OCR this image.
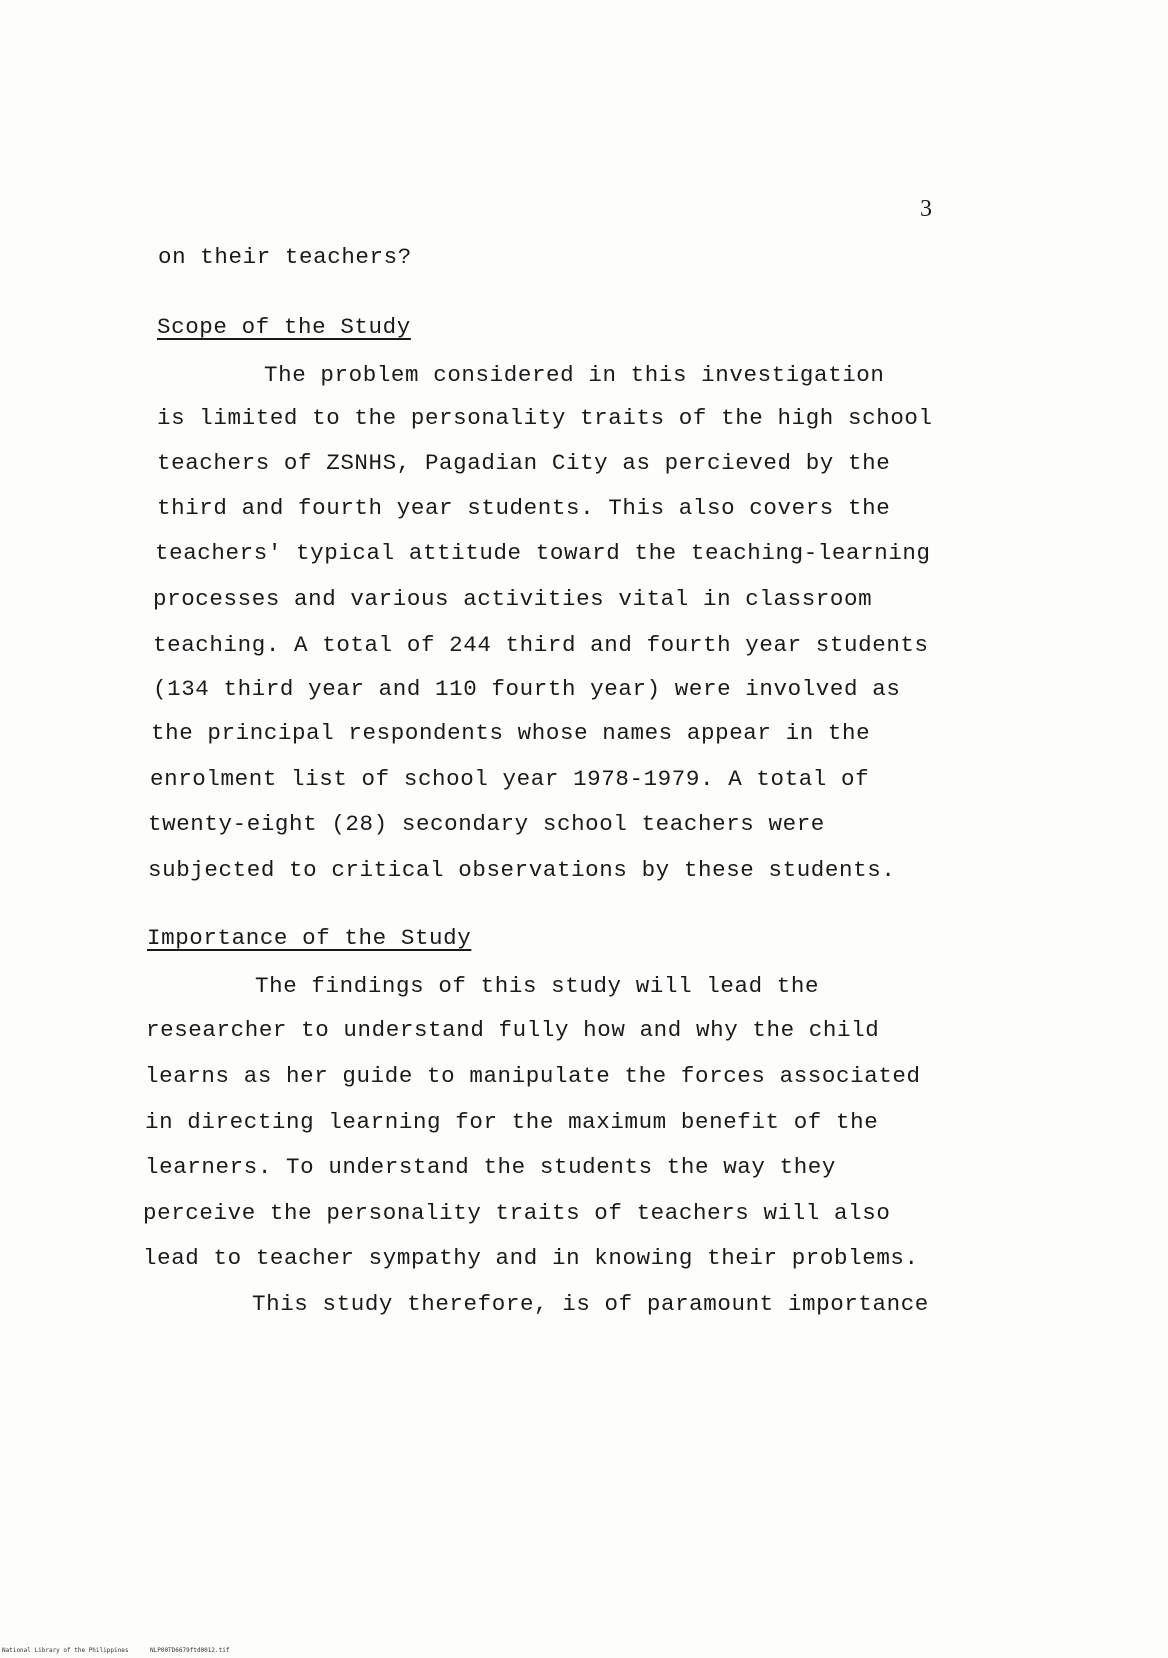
3
on their teachers?
Scope of the Study
The problem considered in this investigation
is limited to the personality traits of the high school
teachers of ZSNHS, Pagadian City as percieved by the
third and fourth year students. This also covers the
teachers' typical attitude toward the teaching-learning
processes and various activities vital in classroom
teaching. A total of 244 third and fourth year students
(134 third year and 110 fourth year) were involved as
the principal respondents whose names appear in the
enrolment list of school year 1978-1979. A total of
twenty-eight (28) secondary school teachers were
subjected to critical observations by these students.
Importance of the Study
The findings of this study will lead the
researcher to understand fully how and why the child
learns as her guide to manipulate the forces associated
in directing learning for the maximum benefit of the
learners. To understand the students the way they
perceive the personality traits of teachers will also
lead to teacher sympathy and in knowing their problems.
This study therefore, is of paramount importance
National Library of the Philippines	NLP00TD6679ftd0012.tif
